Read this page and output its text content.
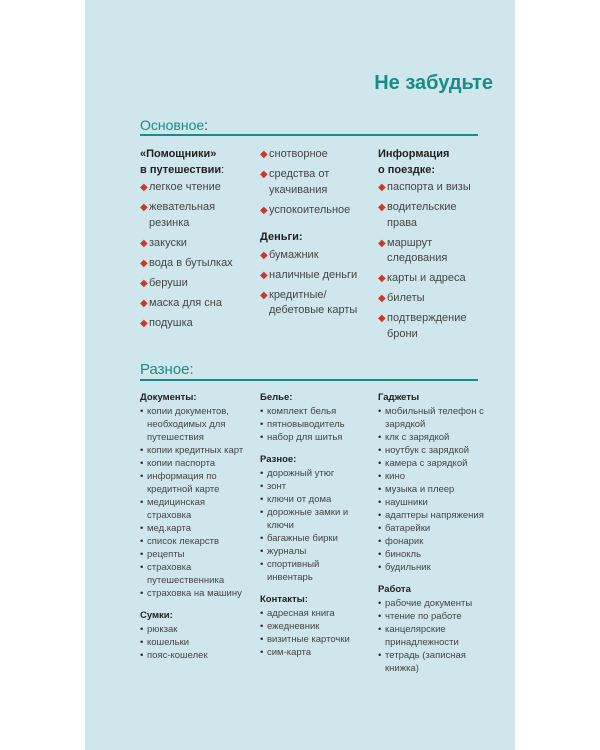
Не забудьте
Основное:
«Помощники»
в путешествии:
◆ легкое чтение
◆ жевательная резинка
◆ закуски
◆ вода в бутылках
◆ беруши
◆ маска для сна
◆ подушка
◆ снотворное
◆ средства от укачивания
◆ успокоительное
Деньги:
◆ бумажник
◆ наличные деньги
◆ кредитные/ дебетовые карты
Информация
о поездке:
◆ паспорта и визы
◆ водительские права
◆ маршрут следования
◆ карты и адреса
◆ билеты
◆ подтверждение брони
Разное:
Документы:
• копии документов, необходимых для путешествия
• копии кредитных карт
• копии паспорта
• информация по кредитной карте
• медицинская страховка
• мед.карта
• список лекарств
• рецепты
• страховка путешественника
• страховка на машину
Сумки:
• рюкзак
• кошельки
• пояс-кошелек
Белье:
• комплект белья
• пятновыводитель
• набор для шитья
Разное:
• дорожный утюг
• зонт
• ключи от дома
• дорожные замки и ключи
• багажные бирки
• журналы
• спортивный инвентарь
Контакты:
• адресная книга
• ежедневник
• визитные карточки
• сим-карта
Гаджеты
• мобильный телефон с зарядкой
• клк с зарядкой
• ноутбук с зарядкой
• камера с зарядкой
• кино
• музыка и плеер
• наушники
• адаптеры напряжения
• батарейки
• фонарик
• бинокль
• будильник
Работа
• рабочие документы
• чтение по работе
• канцелярские принадлежности
• тетрадь (записная книжка)
